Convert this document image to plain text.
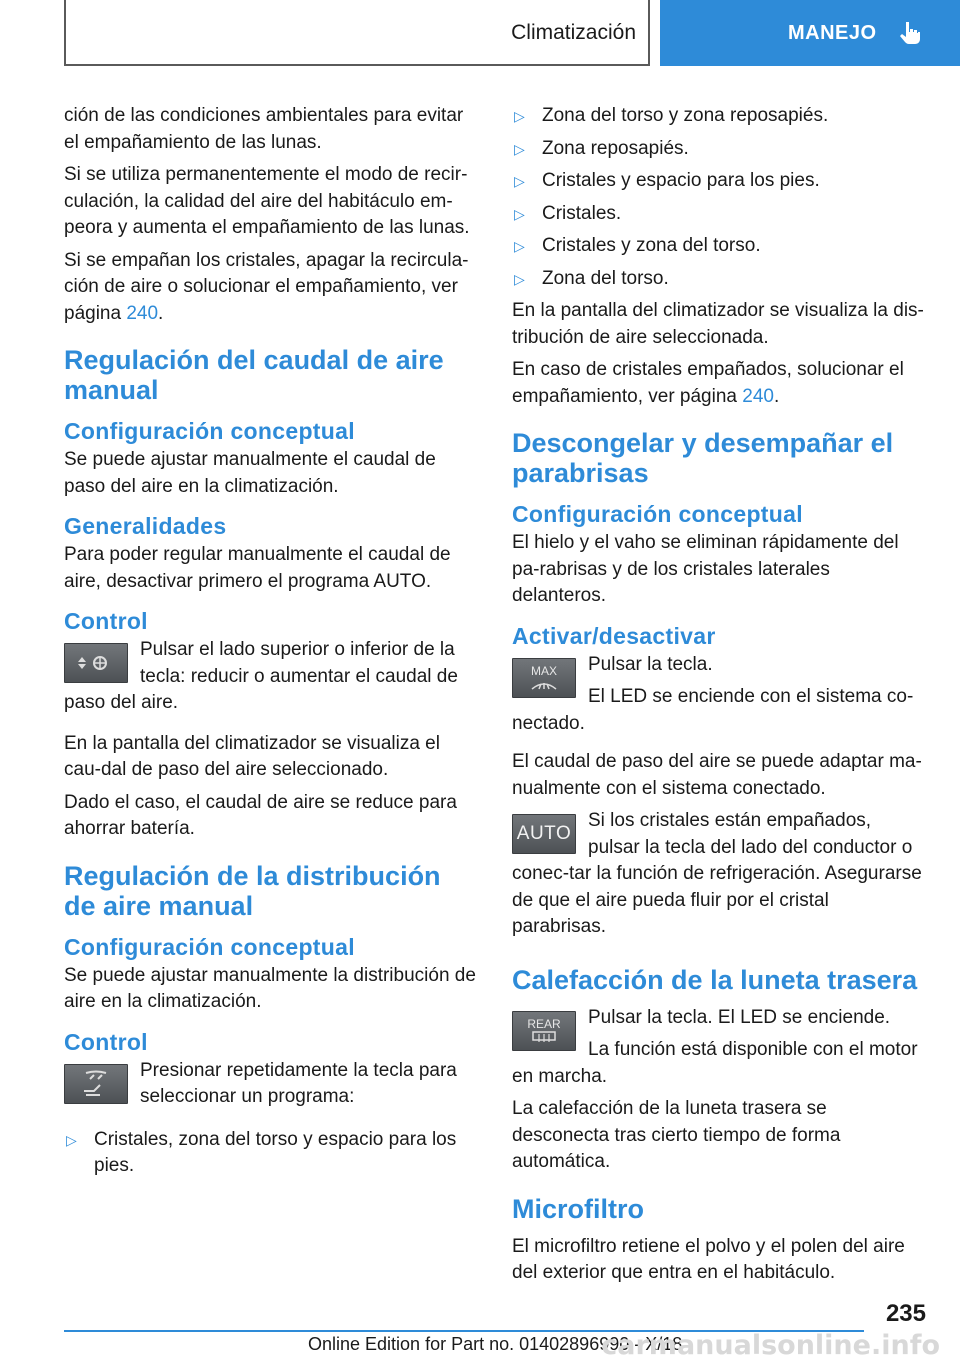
Climatización	MANEJO

ción de las condiciones ambientales para evitar el empañamiento de las lunas.

Si se utiliza permanentemente el modo de recir‐culación, la calidad del aire del habitáculo em‐peora y aumenta el empañamiento de las lunas.

Si se empañan los cristales, apagar la recircula‐ción de aire o solucionar el empañamiento, ver página 240.

Regulación del caudal de aire manual
Configuración conceptual

Se puede ajustar manualmente el caudal de paso del aire en la climatización.

Generalidades

Para poder regular manualmente el caudal de aire, desactivar primero el programa AUTO.

Control

Pulsar el lado superior o inferior de la tecla: reducir o aumentar el caudal de paso del aire.

En la pantalla del climatizador se visualiza el cau‐dal de paso del aire seleccionado.

Dado el caso, el caudal de aire se reduce para ahorrar batería.

Regulación de la distribución de aire manual
Configuración conceptual

Se puede ajustar manualmente la distribución de aire en la climatización.

Control

Presionar repetidamente la tecla para seleccionar un programa:

▷ Cristales, zona del torso y espacio para los pies.
▷ Zona del torso y zona reposapiés.
▷ Zona reposapiés.
▷ Cristales y espacio para los pies.
▷ Cristales.
▷ Cristales y zona del torso.
▷ Zona del torso.

En la pantalla del climatizador se visualiza la dis‐tribución de aire seleccionada.

En caso de cristales empañados, solucionar el empañamiento, ver página 240.

Descongelar y desempañar el parabrisas
Configuración conceptual

El hielo y el vaho se eliminan rápidamente del pa‐rabrisas y de los cristales laterales delanteros.

Activar/desactivar
MAX	Pulsar la tecla.

El LED se enciende con el sistema co‐nectado.

El caudal de paso del aire se puede adaptar ma‐nualmente con el sistema conectado.

AUTO

Si los cristales están empañados, pulsar la tecla del lado del conductor o conec‐tar la función de refrigeración. Asegurarse de que el aire pueda fluir por el cristal parabrisas.

Calefacción de la luneta trasera
REAR	Pulsar la tecla. El LED se enciende.

La función está disponible con el motor en marcha.

La calefacción de la luneta trasera se desconecta tras cierto tiempo de forma automática.

Microfiltro

El microfiltro retiene el polvo y el polen del aire del exterior que entra en el habitáculo.

235
Online Edition for Part no. 01402896990 - X/18
carmanualsonline.info
